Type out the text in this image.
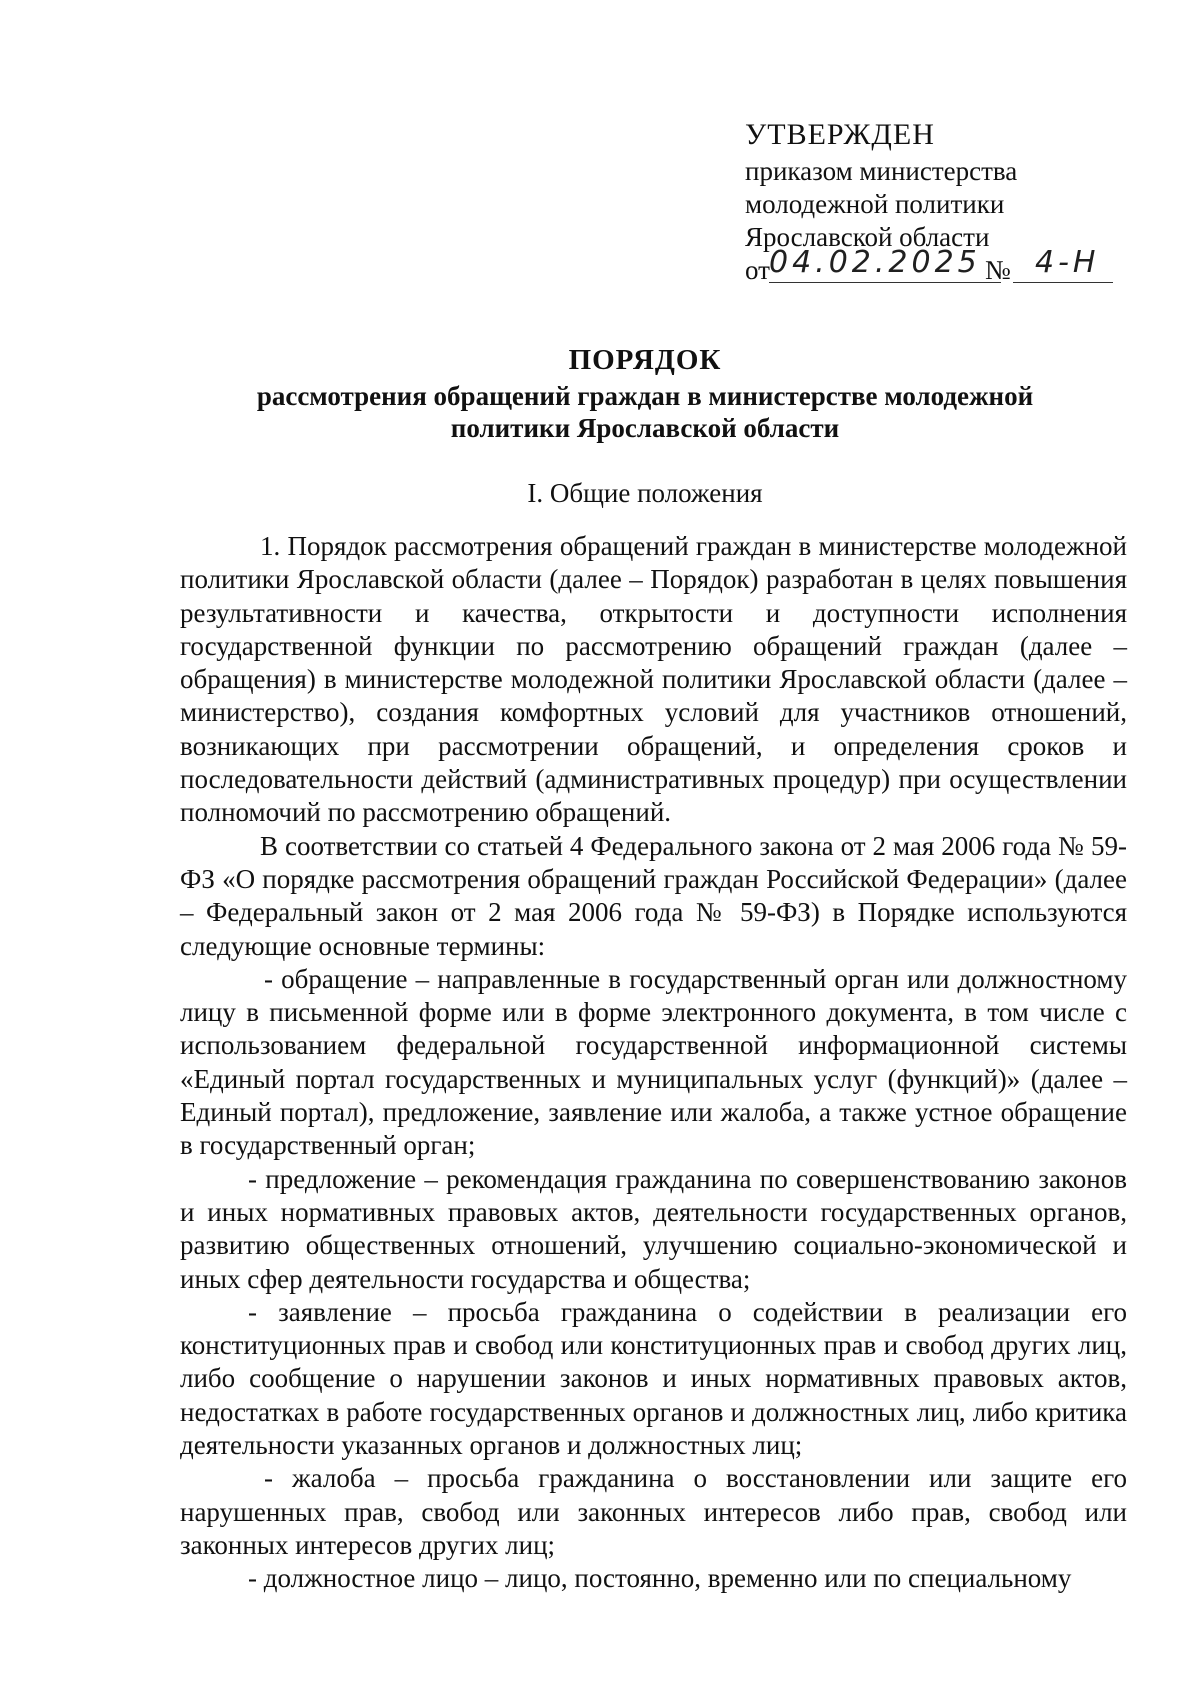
УТВЕРЖДЕН
приказом министерства
молодежной политики
Ярославской области
от 04.02.2025 № 4-Н
ПОРЯДОК
рассмотрения обращений граждан в министерстве молодежной
политики Ярославской области
I. Общие положения

1. Порядок рассмотрения обращений граждан в министерстве молодежной политики Ярославской области (далее – Порядок) разработан в целях повышения результативности и качества, открытости и доступности исполнения государственной функции по рассмотрению обращений граждан (далее – обращения) в министерстве молодежной политики Ярославской области (далее – министерство), создания комфортных условий для участников отношений, возникающих при рассмотрении обращений, и определения сроков и последовательности действий (административных процедур) при осуществлении полномочий по рассмотрению обращений.

В соответствии со статьей 4 Федерального закона от 2 мая 2006 года № 59-ФЗ «О порядке рассмотрения обращений граждан Российской Федерации» (далее – Федеральный закон от 2 мая 2006 года № 59-ФЗ) в Порядке используются следующие основные термины:

- обращение – направленные в государственный орган или должностному лицу в письменной форме или в форме электронного документа, в том числе с использованием федеральной государственной информационной системы «Единый портал государственных и муниципальных услуг (функций)» (далее – Единый портал), предложение, заявление или жалоба, а также устное обращение в государственный орган;

- предложение – рекомендация гражданина по совершенствованию законов и иных нормативных правовых актов, деятельности государственных органов, развитию общественных отношений, улучшению социально-экономической и иных сфер деятельности государства и общества;

- заявление – просьба гражданина о содействии в реализации его конституционных прав и свобод или конституционных прав и свобод других лиц, либо сообщение о нарушении законов и иных нормативных правовых актов, недостатках в работе государственных органов и должностных лиц, либо критика деятельности указанных органов и должностных лиц;

- жалоба – просьба гражданина о восстановлении или защите его нарушенных прав, свобод или законных интересов либо прав, свобод или законных интересов других лиц;

- должностное лицо – лицо, постоянно, временно или по специальному
